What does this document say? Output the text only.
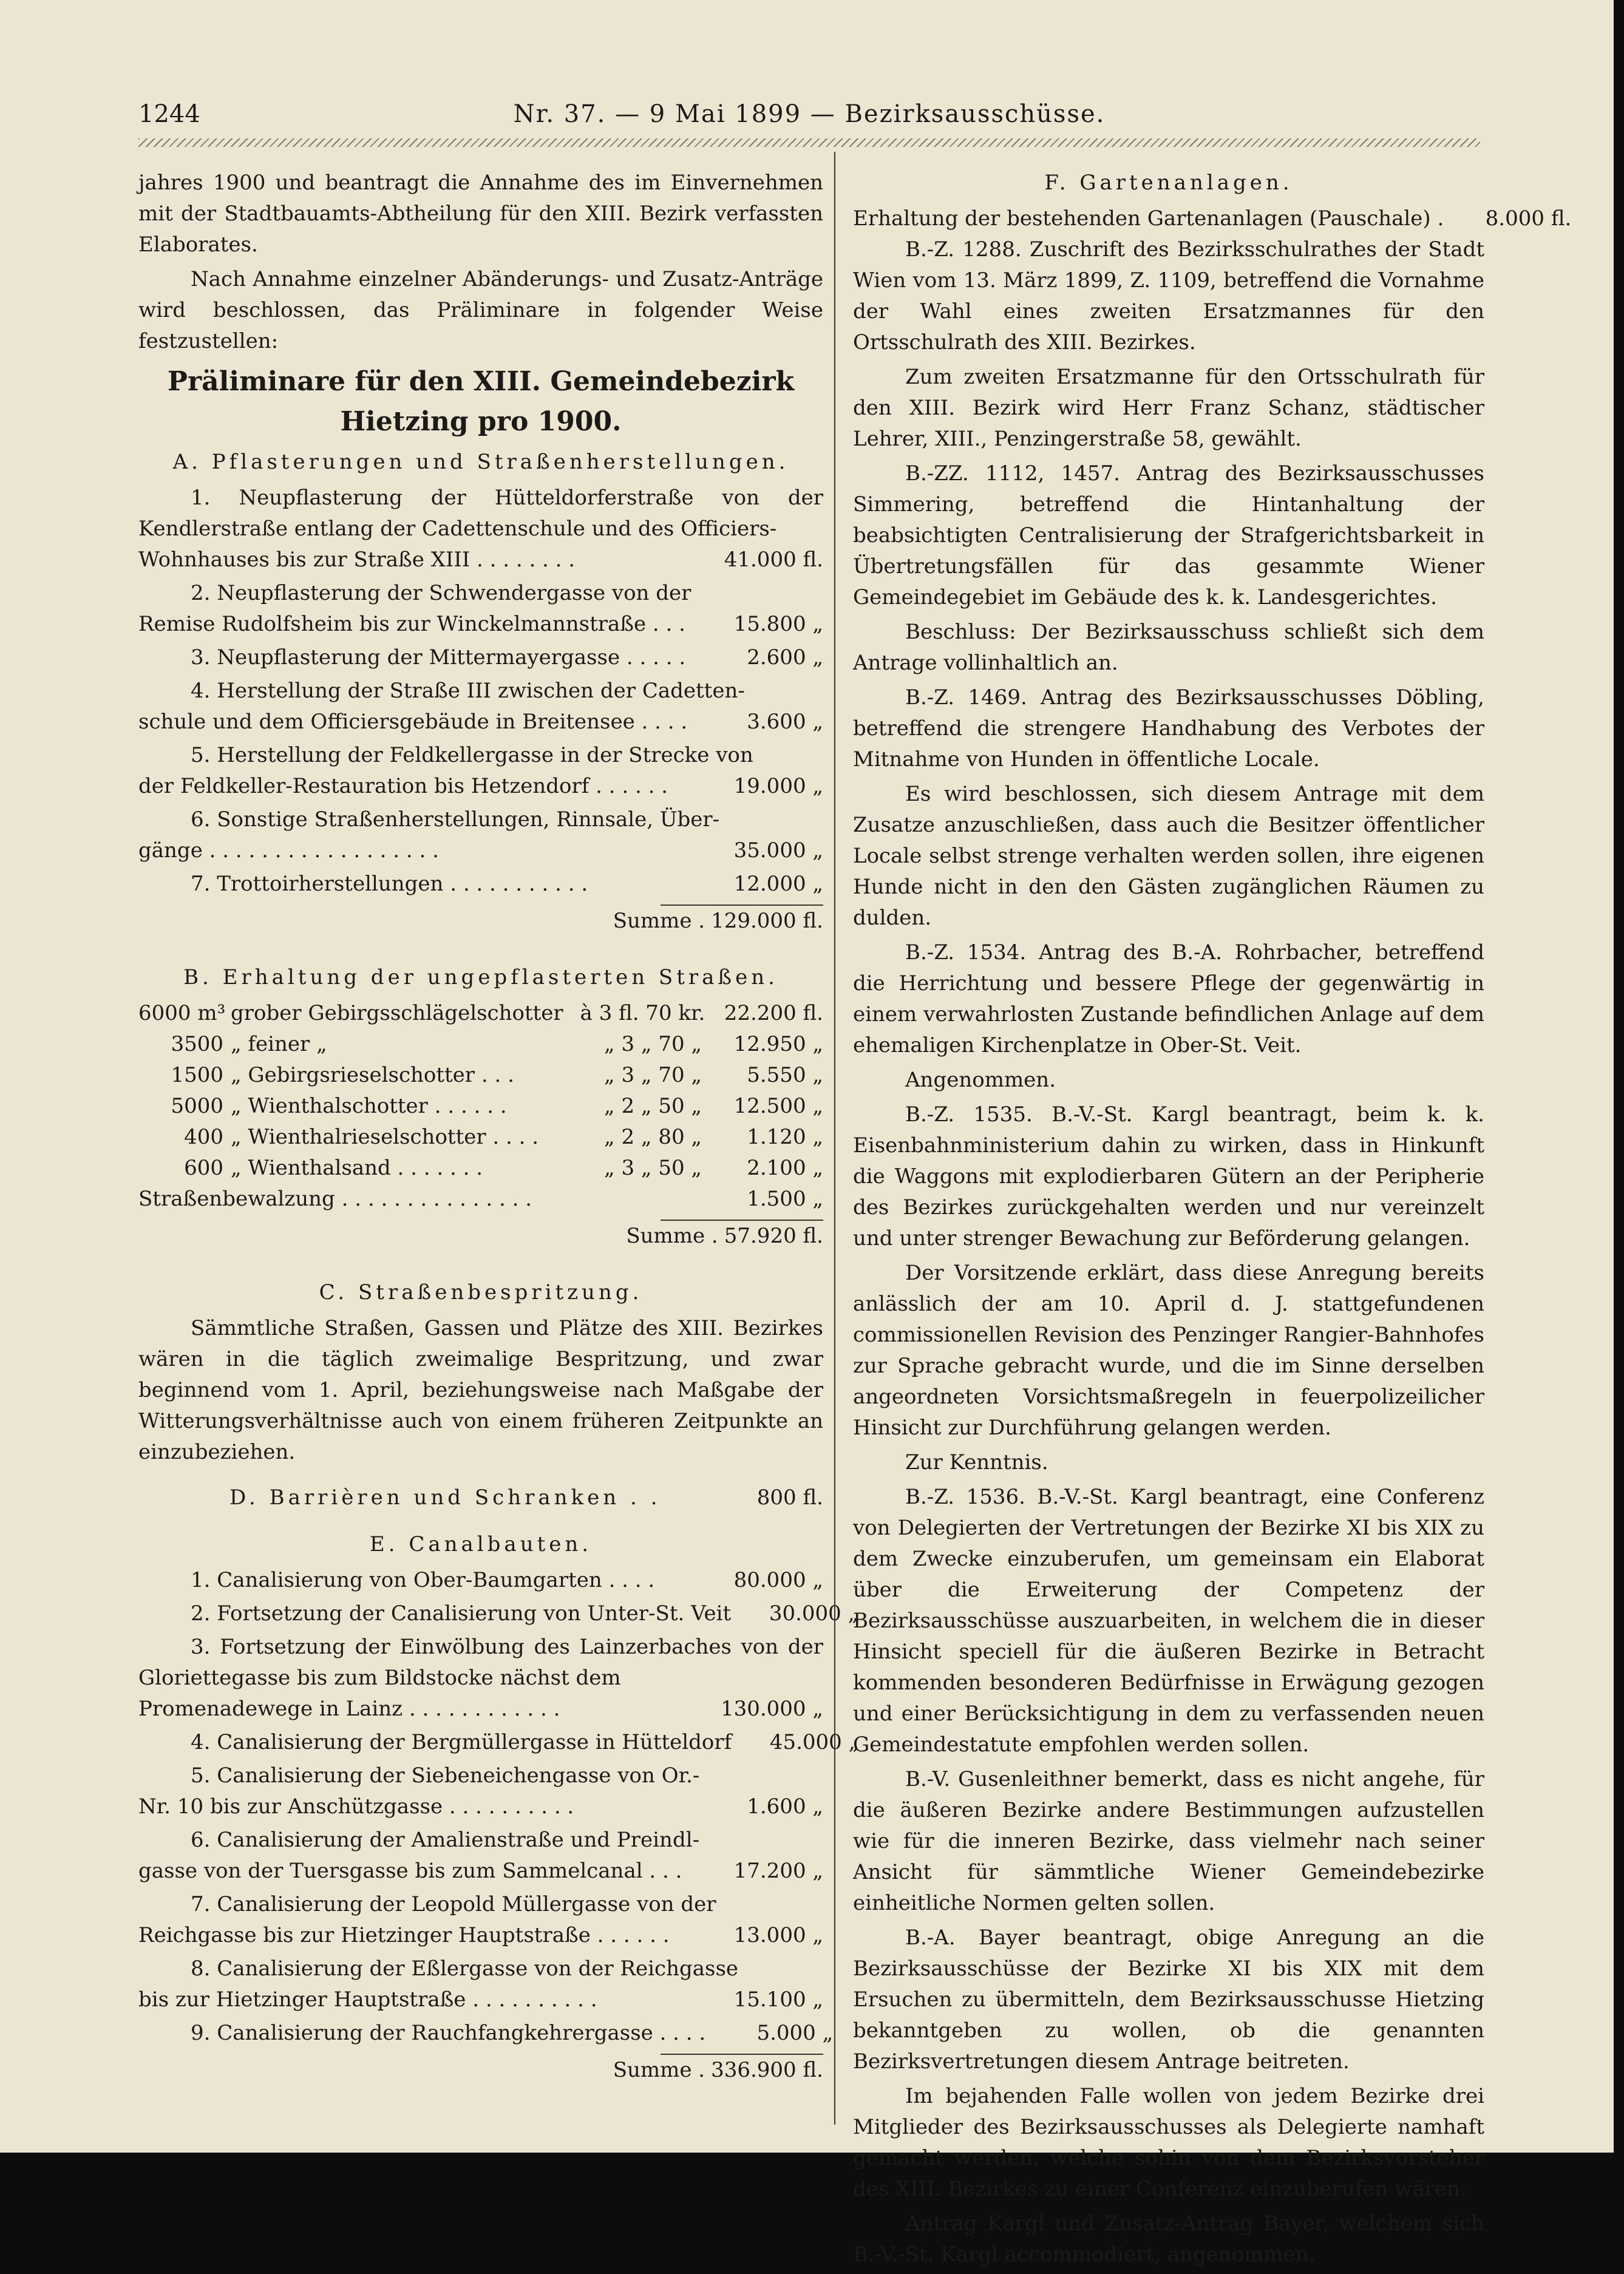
1244	Nr. 37. — 9 Mai 1899 — Bezirksausschüsse.

jahres 1900 und beantragt die Annahme des im Einvernehmen mit der Stadtbauamts-Abtheilung für den XIII. Bezirk verfassten Elaborates.

Nach Annahme einzelner Abänderungs- und Zusatz-Anträge wird beschlossen, das Präliminare in folgender Weise festzustellen:

Präliminare für den XIII. Gemeindebezirk Hietzing pro 1900.
A. Pflasterungen und Straßenherstellungen.
1. Neupflasterung der Hütteldorferstraße von der Kendlerstraße entlang der Cadettenschule und des Officiers-
Wohnhauses bis zur Straße XIII . . . . . . . .	41.000 fl.
2. Neupflasterung der Schwendergasse von der
Remise Rudolfsheim bis zur Winckelmannstraße . . .	15.800 „
3. Neupflasterung der Mittermayergasse . . . . .	2.600 „
4. Herstellung der Straße III zwischen der Cadetten-
schule und dem Officiersgebäude in Breitensee . . . .	3.600 „
5. Herstellung der Feldkellergasse in der Strecke von
der Feldkeller-Restauration bis Hetzendorf . . . . . .	19.000 „
6. Sonstige Straßenherstellungen, Rinnsale, Über-
gänge . . . . . . . . . . . . . . . . . .	35.000 „
7. Trottoirherstellungen . . . . . . . . . . .	12.000 „
Summe . 129.000 fl.
B. Erhaltung der ungepflasterten Straßen.
6000 m³ grober Gebirgsschlägelschotter à 3 fl. 70 kr. 22.200 fl.
3500 „ feiner „	„ 3 „ 70 „	12.950 „
1500 „ Gebirgsrieselschotter . . .	„ 3 „ 70 „	5.550 „
5000 „ Wienthalschotter . . . . . .	„ 2 „ 50 „	12.500 „
400 „ Wienthalrieselschotter . . . .	„ 2 „ 80 „	1.120 „
600 „ Wienthalsand . . . . . . .	„ 3 „ 50 „	2.100 „
Straßenbewalzung . . . . . . . . . . . . . . .	1.500 „
Summe . 57.920 fl.
C. Straßenbespritzung.

Sämmtliche Straßen, Gassen und Plätze des XIII. Bezirkes wären in die täglich zweimalige Bespritzung, und zwar beginnend vom 1. April, beziehungsweise nach Maßgabe der Witterungsverhältnisse auch von einem früheren Zeitpunkte an einzubeziehen.

D. Barrièren und Schranken . .	800 fl.
E. Canalbauten.
1. Canalisierung von Ober-Baumgarten . . . .	80.000 „
2. Fortsetzung der Canalisierung von Unter-St. Veit	30.000 „
3. Fortsetzung der Einwölbung des Lainzerbaches von der Gloriettegasse bis zum Bildstocke nächst dem
Promenadewege in Lainz . . . . . . . . . . . .	130.000 „
4. Canalisierung der Bergmüllergasse in Hütteldorf	45.000 „
5. Canalisierung der Siebeneichengasse von Or.-
Nr. 10 bis zur Anschützgasse . . . . . . . . . .	1.600 „
6. Canalisierung der Amalienstraße und Preindl-
gasse von der Tuersgasse bis zum Sammelcanal . . .	17.200 „
7. Canalisierung der Leopold Müllergasse von der
Reichgasse bis zur Hietzinger Hauptstraße . . . . . .	13.000 „
8. Canalisierung der Eßlergasse von der Reichgasse
bis zur Hietzinger Hauptstraße . . . . . . . . . .	15.100 „
9. Canalisierung der Rauchfangkehrergasse . . . .	5.000 „
Summe . 336.900 fl.
F. Gartenanlagen.
Erhaltung der bestehenden Gartenanlagen (Pauschale) .	8.000 fl.

B.-Z. 1288. Zuschrift des Bezirksschulrathes der Stadt Wien vom 13. März 1899, Z. 1109, betreffend die Vornahme der Wahl eines zweiten Ersatzmannes für den Ortsschulrath des XIII. Bezirkes.

Zum zweiten Ersatzmanne für den Ortsschulrath für den XIII. Bezirk wird Herr Franz Schanz, städtischer Lehrer, XIII., Penzingerstraße 58, gewählt.

B.-ZZ. 1112, 1457. Antrag des Bezirksausschusses Simmering, betreffend die Hintanhaltung der beabsichtigten Centralisierung der Strafgerichtsbarkeit in Übertretungsfällen für das gesammte Wiener Gemeindegebiet im Gebäude des k. k. Landesgerichtes.

Beschluss: Der Bezirksausschuss schließt sich dem Antrage vollinhaltlich an.

B.-Z. 1469. Antrag des Bezirksausschusses Döbling, betreffend die strengere Handhabung des Verbotes der Mitnahme von Hunden in öffentliche Locale.

Es wird beschlossen, sich diesem Antrage mit dem Zusatze anzuschließen, dass auch die Besitzer öffentlicher Locale selbst strenge verhalten werden sollen, ihre eigenen Hunde nicht in den den Gästen zugänglichen Räumen zu dulden.

B.-Z. 1534. Antrag des B.-A. Rohrbacher, betreffend die Herrichtung und bessere Pflege der gegenwärtig in einem verwahrlosten Zustande befindlichen Anlage auf dem ehemaligen Kirchenplatze in Ober-St. Veit.

Angenommen.

B.-Z. 1535. B.-V.-St. Kargl beantragt, beim k. k. Eisenbahnministerium dahin zu wirken, dass in Hinkunft die Waggons mit explodierbaren Gütern an der Peripherie des Bezirkes zurückgehalten werden und nur vereinzelt und unter strenger Bewachung zur Beförderung gelangen.

Der Vorsitzende erklärt, dass diese Anregung bereits anlässlich der am 10. April d. J. stattgefundenen commissionellen Revision des Penzinger Rangier-Bahnhofes zur Sprache gebracht wurde, und die im Sinne derselben angeordneten Vorsichtsmaßregeln in feuerpolizeilicher Hinsicht zur Durchführung gelangen werden.

Zur Kenntnis.

B.-Z. 1536. B.-V.-St. Kargl beantragt, eine Conferenz von Delegierten der Vertretungen der Bezirke XI bis XIX zu dem Zwecke einzuberufen, um gemeinsam ein Elaborat über die Erweiterung der Competenz der Bezirksausschüsse auszuarbeiten, in welchem die in dieser Hinsicht speciell für die äußeren Bezirke in Betracht kommenden besonderen Bedürfnisse in Erwägung gezogen und einer Berücksichtigung in dem zu verfassenden neuen Gemeindestatute empfohlen werden sollen.

B.-V. Gusenleithner bemerkt, dass es nicht angehe, für die äußeren Bezirke andere Bestimmungen aufzustellen wie für die inneren Bezirke, dass vielmehr nach seiner Ansicht für sämmtliche Wiener Gemeindebezirke einheitliche Normen gelten sollen.

B.-A. Bayer beantragt, obige Anregung an die Bezirksausschüsse der Bezirke XI bis XIX mit dem Ersuchen zu übermitteln, dem Bezirksausschusse Hietzing bekanntgeben zu wollen, ob die genannten Bezirksvertretungen diesem Antrage beitreten.

Im bejahenden Falle wollen von jedem Bezirke drei Mitglieder des Bezirksausschusses als Delegierte namhaft gemacht werden, welche sohin von dem Bezirksvorsteher des XIII. Bezirkes zu einer Conferenz einzuberufen wären.

Antrag Kargl und Zusatz-Antrag Bayer, welchem sich B.-V.-St. Kargl accommodiert, angenommen.
